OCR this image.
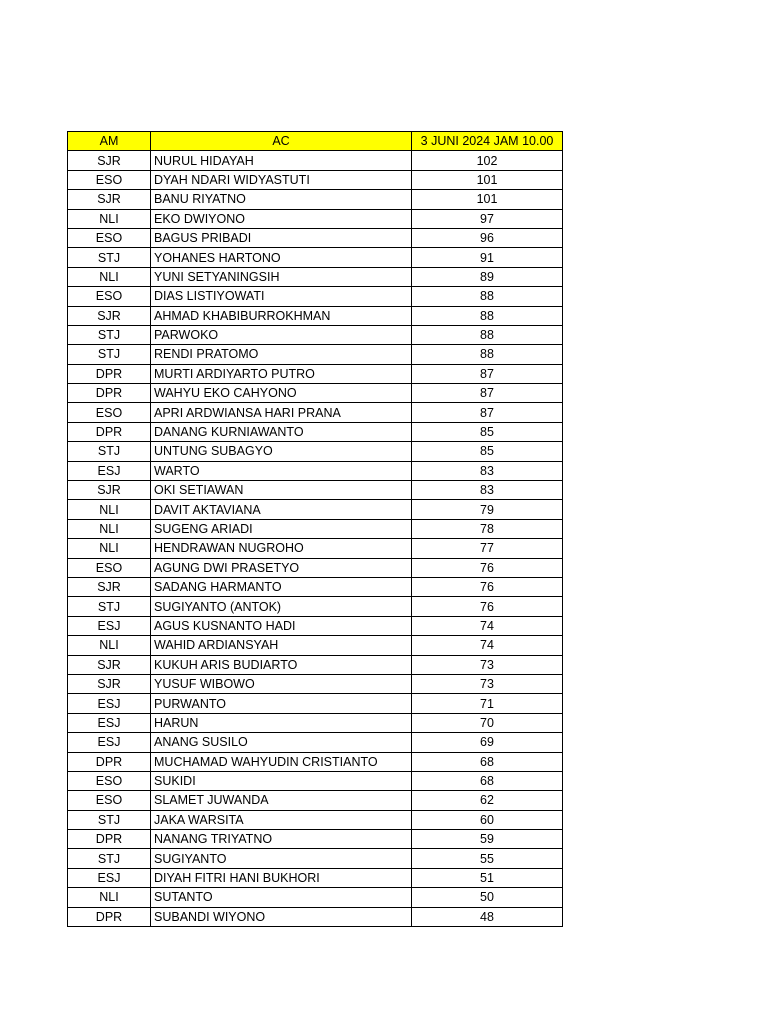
AM	AC	3 JUNI 2024 JAM 10.00
SJR	NURUL HIDAYAH	102
ESO	DYAH NDARI WIDYASTUTI	101
SJR	BANU RIYATNO	101
NLI	EKO DWIYONO	97
ESO	BAGUS PRIBADI	96
STJ	YOHANES HARTONO	91
NLI	YUNI SETYANINGSIH	89
ESO	DIAS LISTIYOWATI	88
SJR	AHMAD KHABIBURROKHMAN	88
STJ	PARWOKO	88
STJ	RENDI PRATOMO	88
DPR	MURTI ARDIYARTO PUTRO	87
DPR	WAHYU EKO CAHYONO	87
ESO	APRI ARDWIANSA HARI PRANA	87
DPR	DANANG KURNIAWANTO	85
STJ	UNTUNG SUBAGYO	85
ESJ	WARTO	83
SJR	OKI SETIAWAN	83
NLI	DAVIT AKTAVIANA	79
NLI	SUGENG ARIADI	78
NLI	HENDRAWAN NUGROHO	77
ESO	AGUNG DWI PRASETYO	76
SJR	SADANG HARMANTO	76
STJ	SUGIYANTO (ANTOK)	76
ESJ	AGUS KUSNANTO HADI	74
NLI	WAHID ARDIANSYAH	74
SJR	KUKUH ARIS BUDIARTO	73
SJR	YUSUF WIBOWO	73
ESJ	PURWANTO	71
ESJ	HARUN	70
ESJ	ANANG SUSILO	69
DPR	MUCHAMAD WAHYUDIN CRISTIANTO	68
ESO	SUKIDI	68
ESO	SLAMET JUWANDA	62
STJ	JAKA WARSITA	60
DPR	NANANG TRIYATNO	59
STJ	SUGIYANTO	55
ESJ	DIYAH FITRI HANI BUKHORI	51
NLI	SUTANTO	50
DPR	SUBANDI WIYONO	48
